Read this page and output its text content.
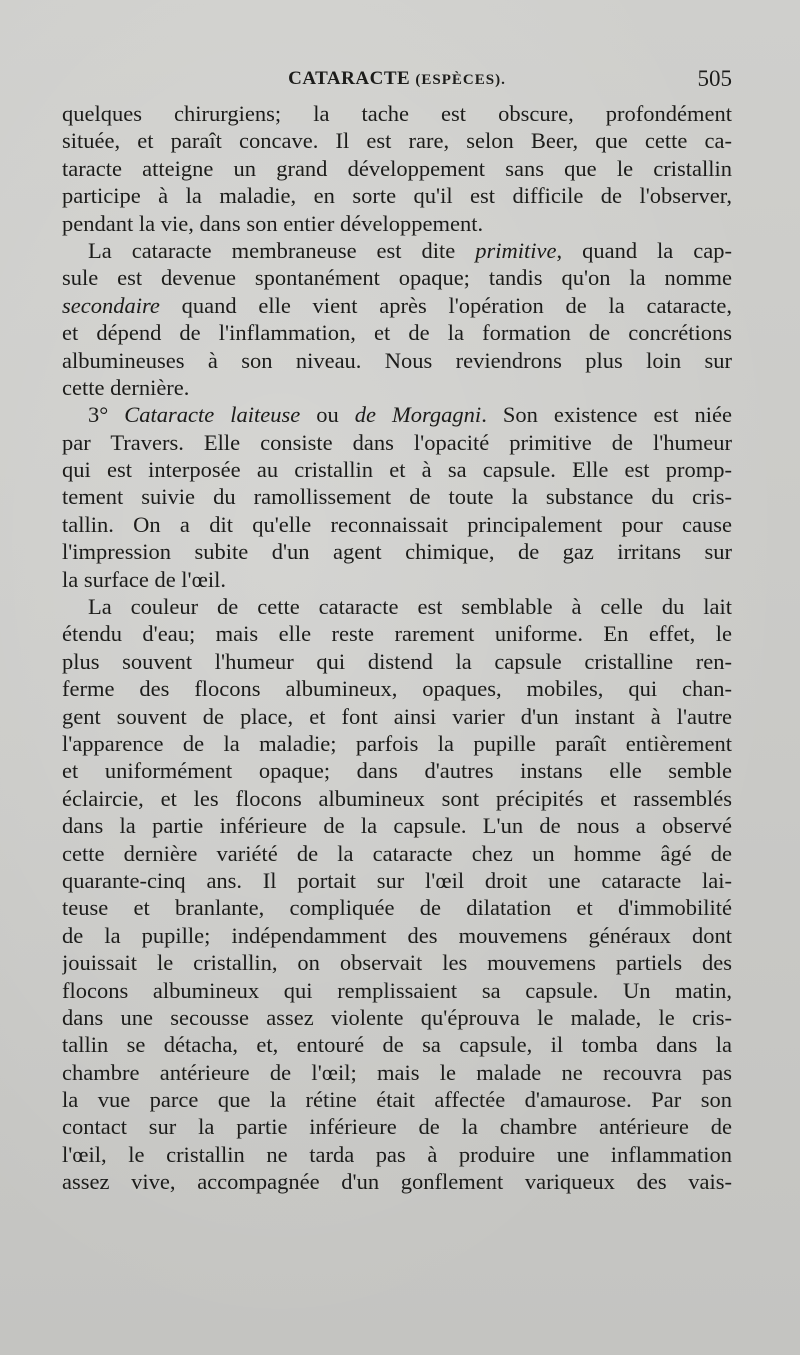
CATARACTE (ESPÈCES).	505
quelques chirurgiens; la tache est obscure, profondément
située, et paraît concave. Il est rare, selon Beer, que cette ca-
taracte atteigne un grand développement sans que le cristallin
participe à la maladie, en sorte qu'il est difficile de l'observer,
pendant la vie, dans son entier développement.
La cataracte membraneuse est dite primitive, quand la cap-
sule est devenue spontanément opaque; tandis qu'on la nomme
secondaire quand elle vient après l'opération de la cataracte,
et dépend de l'inflammation, et de la formation de concrétions
albumineuses à son niveau. Nous reviendrons plus loin sur
cette dernière.
3° Cataracte laiteuse ou de Morgagni. Son existence est niée
par Travers. Elle consiste dans l'opacité primitive de l'humeur
qui est interposée au cristallin et à sa capsule. Elle est promp-
tement suivie du ramollissement de toute la substance du cris-
tallin. On a dit qu'elle reconnaissait principalement pour cause
l'impression subite d'un agent chimique, de gaz irritans sur
la surface de l'œil.
La couleur de cette cataracte est semblable à celle du lait
étendu d'eau; mais elle reste rarement uniforme. En effet, le
plus souvent l'humeur qui distend la capsule cristalline ren-
ferme des flocons albumineux, opaques, mobiles, qui chan-
gent souvent de place, et font ainsi varier d'un instant à l'autre
l'apparence de la maladie; parfois la pupille paraît entièrement
et uniformément opaque; dans d'autres instans elle semble
éclaircie, et les flocons albumineux sont précipités et rassemblés
dans la partie inférieure de la capsule. L'un de nous a observé
cette dernière variété de la cataracte chez un homme âgé de
quarante-cinq ans. Il portait sur l'œil droit une cataracte lai-
teuse et branlante, compliquée de dilatation et d'immobilité
de la pupille; indépendamment des mouvemens généraux dont
jouissait le cristallin, on observait les mouvemens partiels des
flocons albumineux qui remplissaient sa capsule. Un matin,
dans une secousse assez violente qu'éprouva le malade, le cris-
tallin se détacha, et, entouré de sa capsule, il tomba dans la
chambre antérieure de l'œil; mais le malade ne recouvra pas
la vue parce que la rétine était affectée d'amaurose. Par son
contact sur la partie inférieure de la chambre antérieure de
l'œil, le cristallin ne tarda pas à produire une inflammation
assez vive, accompagnée d'un gonflement variqueux des vais-
